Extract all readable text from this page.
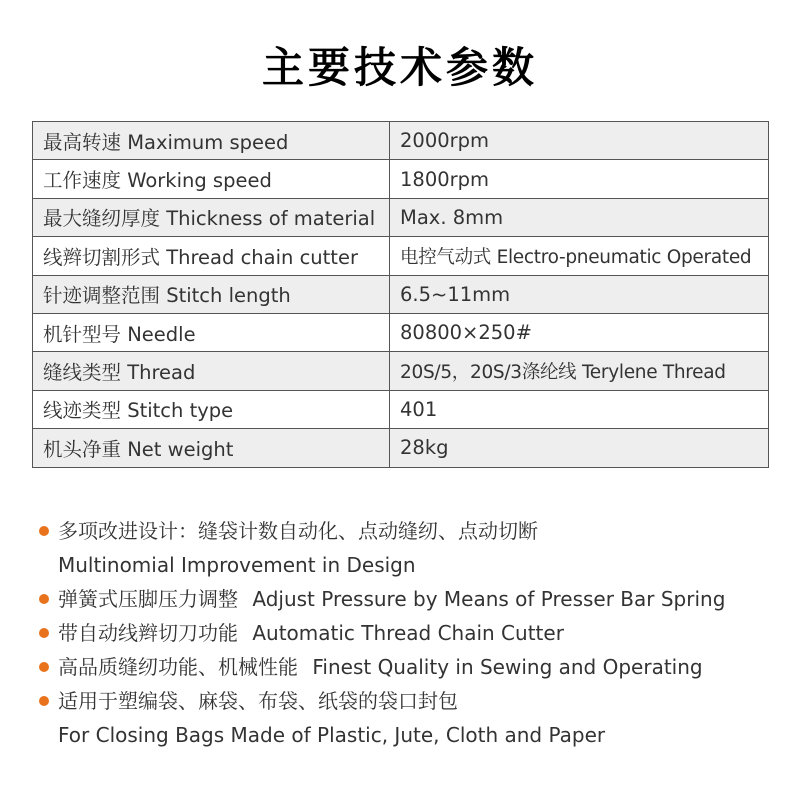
主要技术参数
最高转速 Maximum speed	2000rpm
工作速度 Working speed	1800rpm
最大缝纫厚度 Thickness of material	Max. 8mm
线辫切割形式 Thread chain cutter	电控气动式 Electro-pneumatic Operated
针迹调整范围 Stitch length	6.5~11mm
机针型号 Needle	80800×250#
缝线类型 Thread	20S/5，20S/3涤纶线 Terylene Thread
线迹类型 Stitch type	401
机头净重 Net weight	28kg
多项改进设计：缝袋计数自动化、点动缝纫、点动切断
Multinomial Improvement in Design
弹簧式压脚压力调整 Adjust Pressure by Means of Presser Bar Spring
带自动线辫切刀功能 Automatic Thread Chain Cutter
高品质缝纫功能、机械性能 Finest Quality in Sewing and Operating
适用于塑编袋、麻袋、布袋、纸袋的袋口封包
For Closing Bags Made of Plastic, Jute, Cloth and Paper
